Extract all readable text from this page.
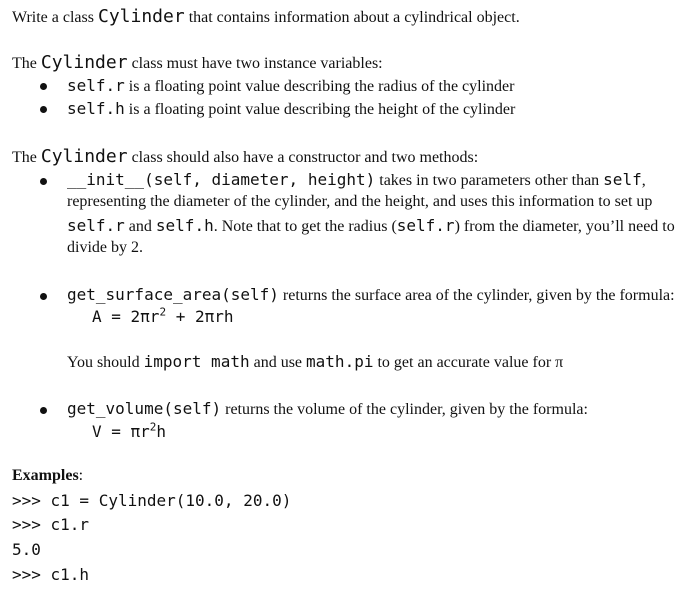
Write a class Cylinder that contains information about a cylindrical object.
The Cylinder class must have two instance variables:
self.r is a floating point value describing the radius of the cylinder
self.h is a floating point value describing the height of the cylinder
The Cylinder class should also have a constructor and two methods:
__init__(self, diameter, height) takes in two parameters other than self,
representing the diameter of the cylinder, and the height, and uses this information to set up
self.r and self.h. Note that to get the radius (self.r) from the diameter, you’ll need to
divide by 2.
get_surface_area(self) returns the surface area of the cylinder, given by the formula:
$A = 2\pi r^2 + 2\pi rh$
You should import math and use math.pi to get an accurate value for π
get_volume(self) returns the volume of the cylinder, given by the formula:
$V = \pi r^2h$
Examples:
>>> c1 = Cylinder(10.0, 20.0)
>>> c1.r
5.0
>>> c1.h
